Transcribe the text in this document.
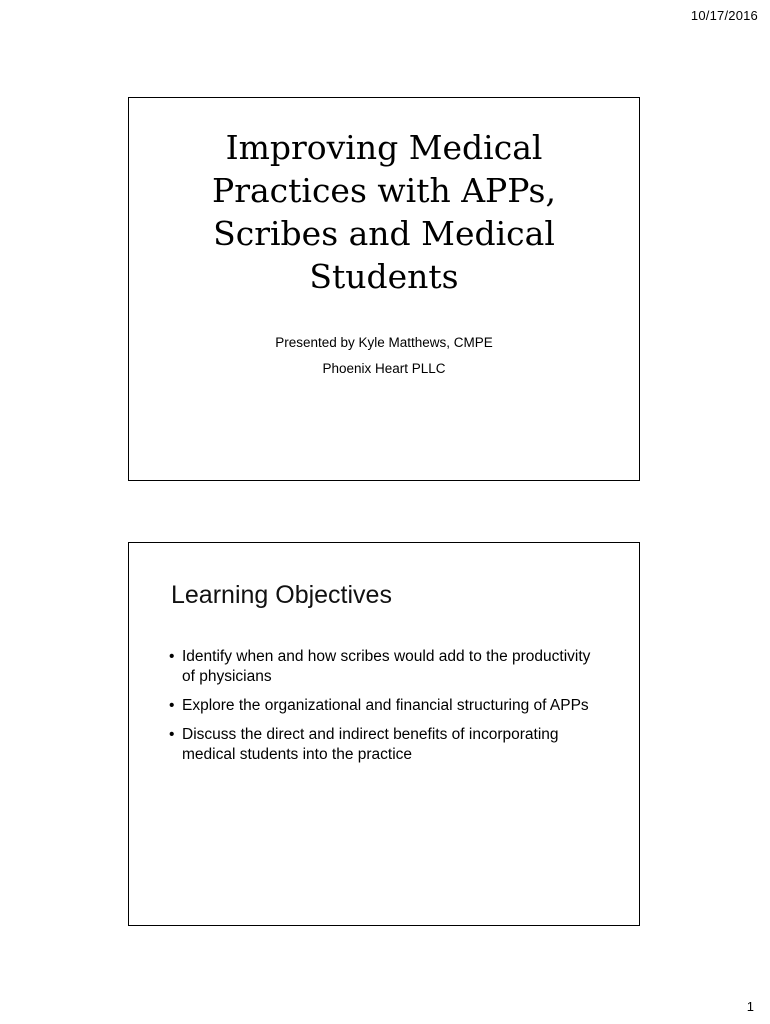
10/17/2016
Improving Medical Practices with APPs, Scribes and Medical Students
Presented by Kyle Matthews, CMPE
Phoenix Heart PLLC
Learning Objectives
• Identify when and how scribes would add to the productivity of physicians
• Explore the organizational and financial structuring of APPs
• Discuss the direct and indirect benefits of incorporating medical students into the practice
1
